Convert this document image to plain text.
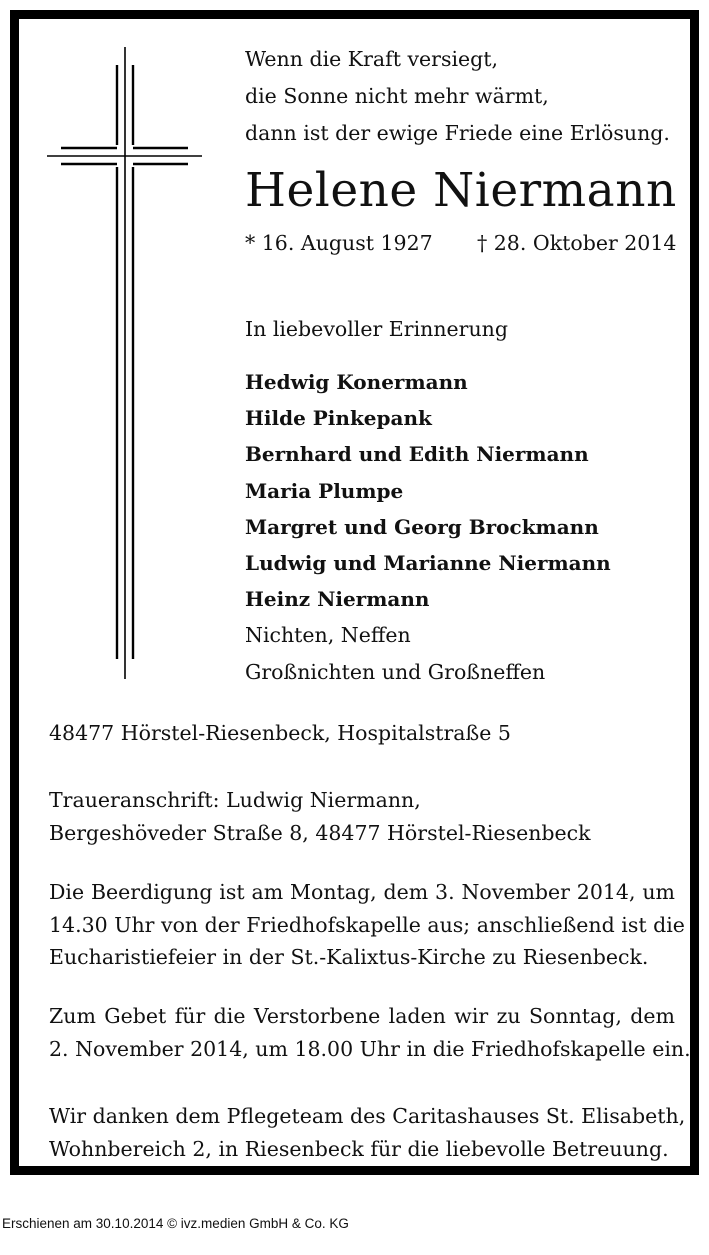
Wenn die Kraft versiegt,
die Sonne nicht mehr wärmt,
dann ist der ewige Friede eine Erlösung.
Helene Niermann
* 16. August 1927 † 28. Oktober 2014
In liebevoller Erinnerung
Hedwig Konermann
Hilde Pinkepank
Bernhard und Edith Niermann
Maria Plumpe
Margret und Georg Brockmann
Ludwig und Marianne Niermann
Heinz Niermann
Nichten, Neffen
Großnichten und Großneffen
48477 Hörstel-Riesenbeck, Hospitalstraße 5
Traueranschrift: Ludwig Niermann,
Bergeshöveder Straße 8, 48477 Hörstel-Riesenbeck
Die Beerdigung ist am Montag, dem 3. November 2014, um
14.30 Uhr von der Friedhofskapelle aus; anschließend ist die
Eucharistiefeier in der St.-Kalixtus-Kirche zu Riesenbeck.
Zum Gebet für die Verstorbene laden wir zu Sonntag, dem
2. November 2014, um 18.00 Uhr in die Friedhofskapelle ein.
Wir danken dem Pflegeteam des Caritashauses St. Elisabeth,
Wohnbereich 2, in Riesenbeck für die liebevolle Betreuung.
Erschienen am 30.10.2014 © ivz.medien GmbH & Co. KG
